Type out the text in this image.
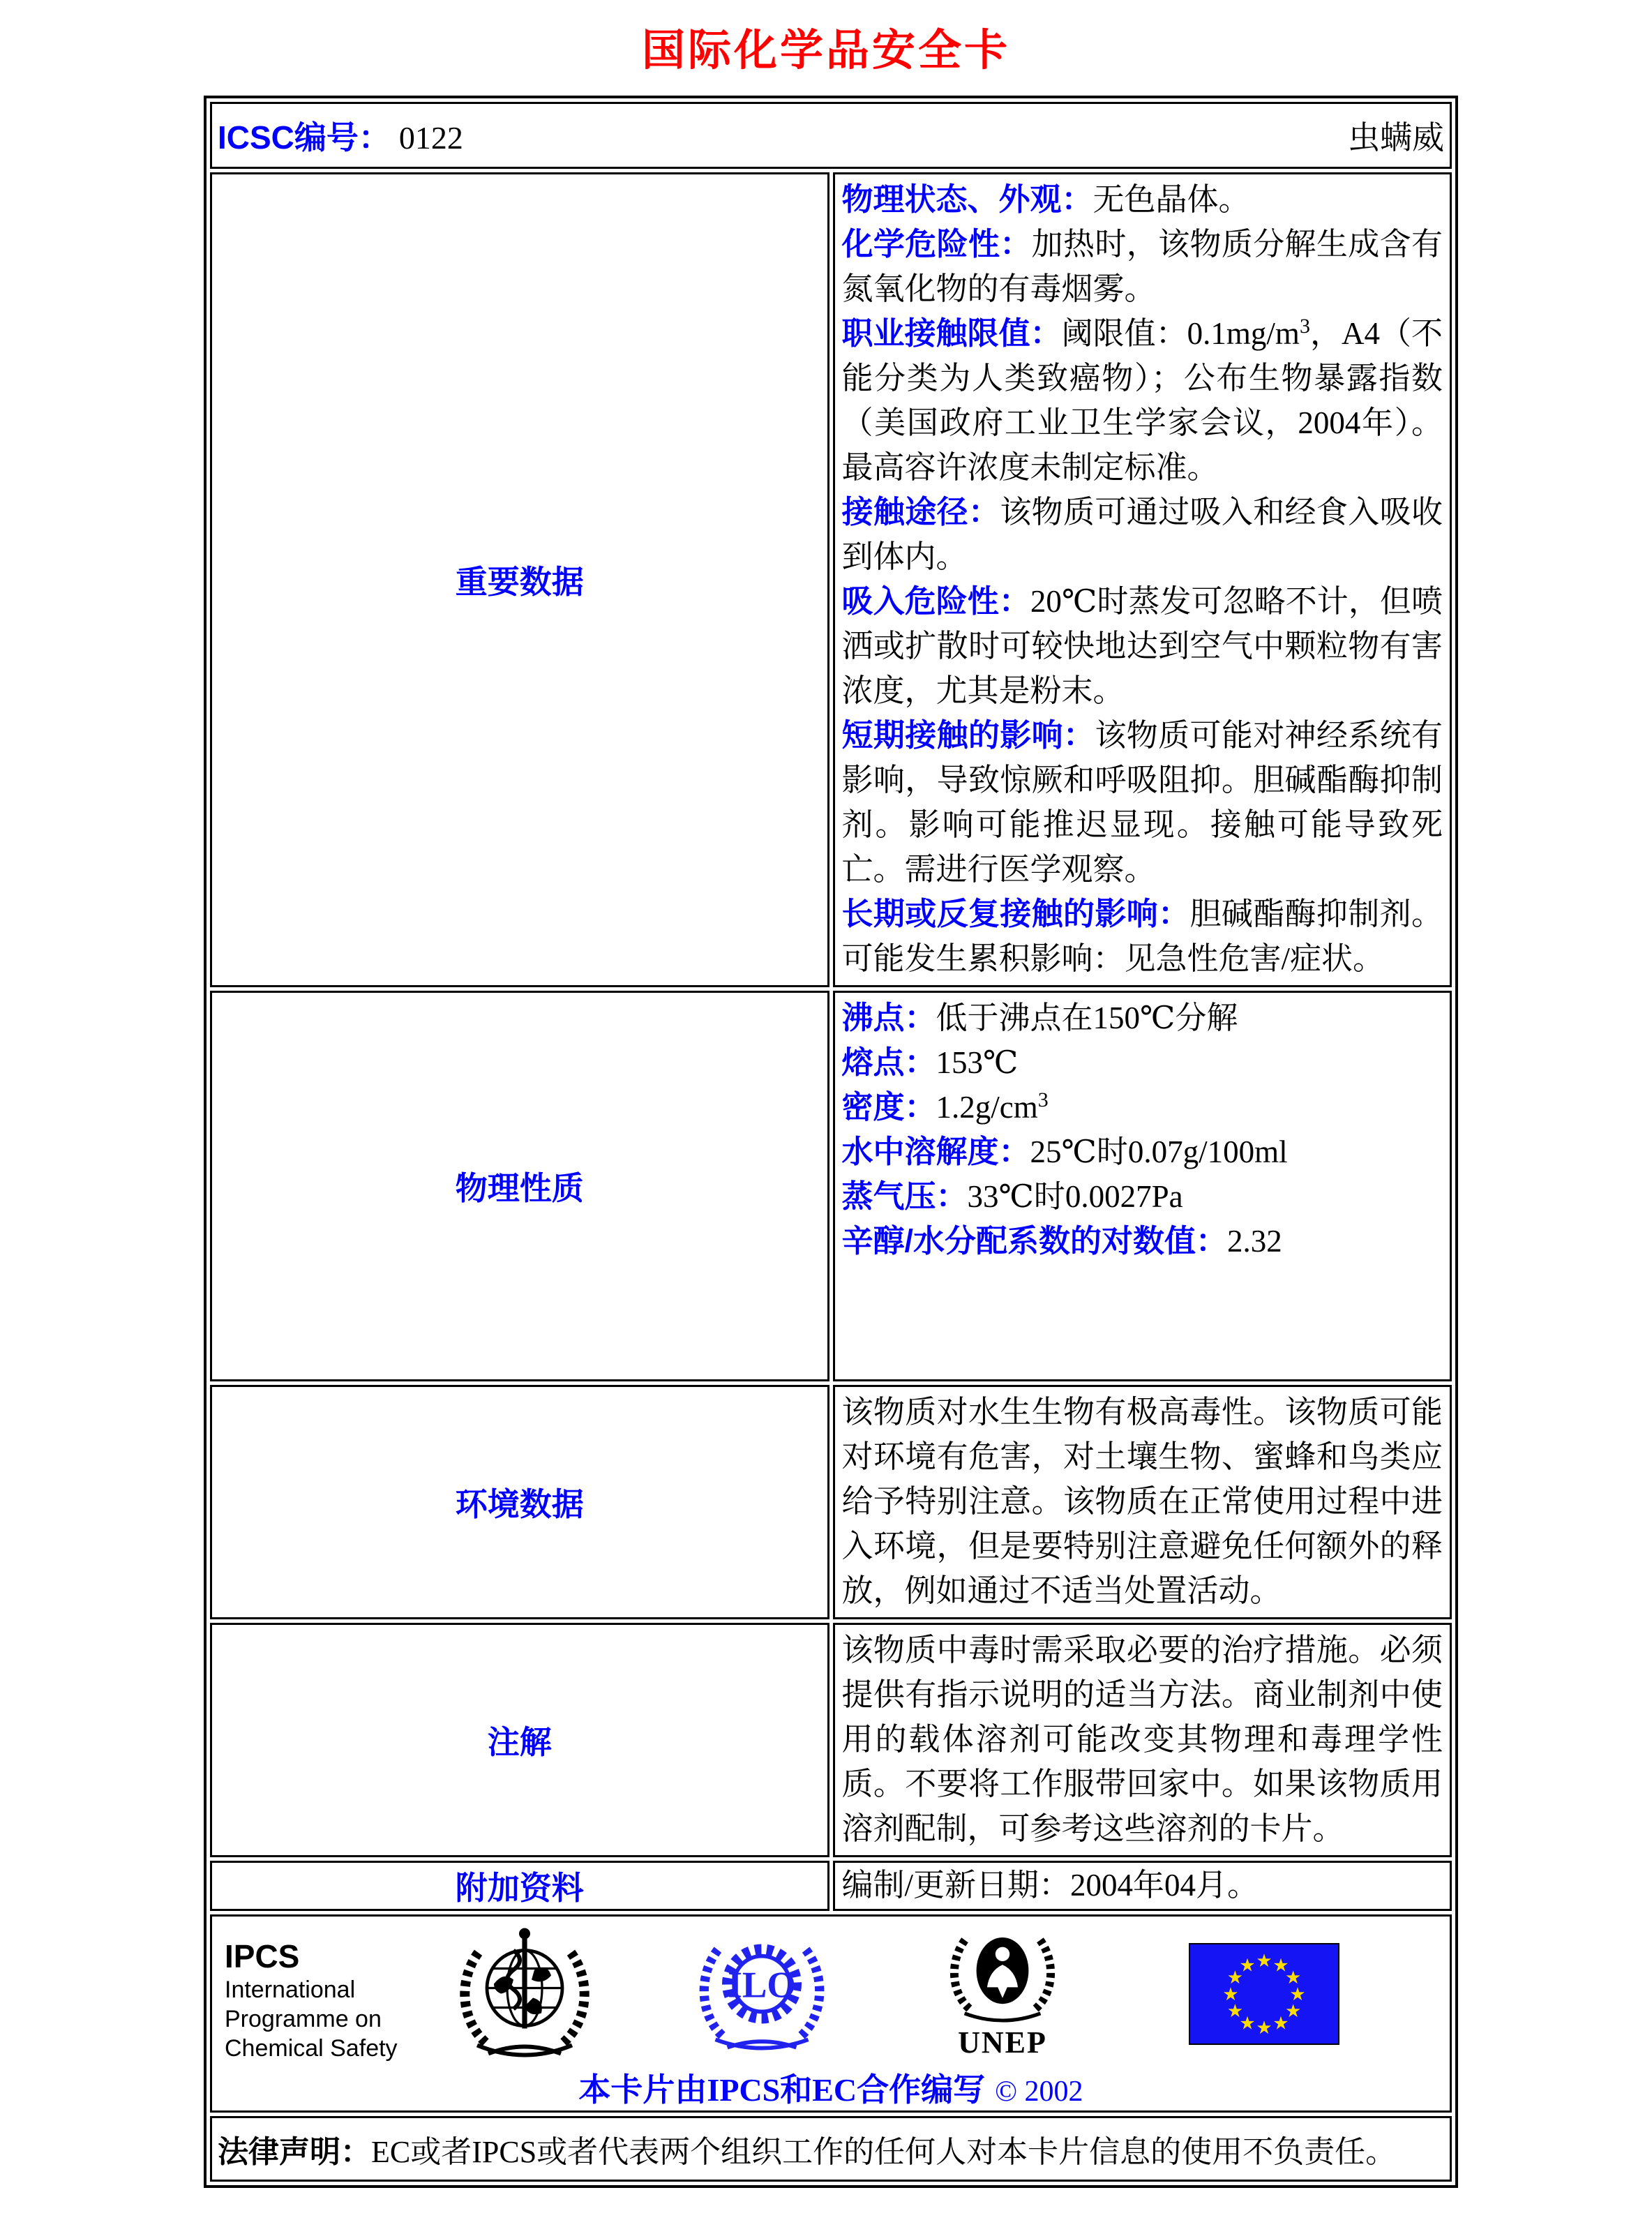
国际化学品安全卡
ICSC编号： 0122 虫螨威	

重要数据	
物理状态、外观：无色晶体。
化学危险性：加热时，该物质分解生成含有氮氧化物的有毒烟雾。
职业接触限值：阈限值：$0.1mg/m^3$，A4（不能分类为人类致癌物）；公布生物暴露指数（美国政府工业卫生学家会议，2004年）。最高容许浓度未制定标准。
接触途径：该物质可通过吸入和经食入吸收到体内。
吸入危险性：20℃时蒸发可忽略不计，但喷洒或扩散时可较快地达到空气中颗粒物有害浓度，尤其是粉末。
短期接触的影响：该物质可能对神经系统有影响，导致惊厥和呼吸阻抑。胆碱酯酶抑制剂。影响可能推迟显现。接触可能导致死亡。需进行医学观察。
长期或反复接触的影响：胆碱酯酶抑制剂。可能发生累积影响：见急性危害/症状。

物理性质	
沸点：低于沸点在150℃分解
熔点：153℃
密度：$1.2g/cm^3$
水中溶解度：25℃时0.07g/100ml
蒸气压：33℃时0.0027Pa
辛醇/水分配系数的对数值：2.32

环境数据	该物质对水生生物有极高毒性。该物质可能对环境有危害，对土壤生物、蜜蜂和鸟类应给予特别注意。该物质在正常使用过程中进入环境，但是要特别注意避免任何额外的释放，例如通过不适当处置活动。
注解	该物质中毒时需采取必要的治疗措施。必须提供有指示说明的适当方法。商业制剂中使用的载体溶剂可能改变其物理和毒理学性质。不要将工作服带回家中。如果该物质用溶剂配制，可参考这些溶剂的卡片。
附加资料	编制/更新日期：2004年04月。

IPCS
International
Programme on
Chemical Safety
ILO
UNEP
★ ★
★
★
★
★
★
★
★
★
★
★
本卡片由IPCS和EC合作编写 © 2002

法律声明：EC或者IPCS或者代表两个组织工作的任何人对本卡片信息的使用不负责任。	
